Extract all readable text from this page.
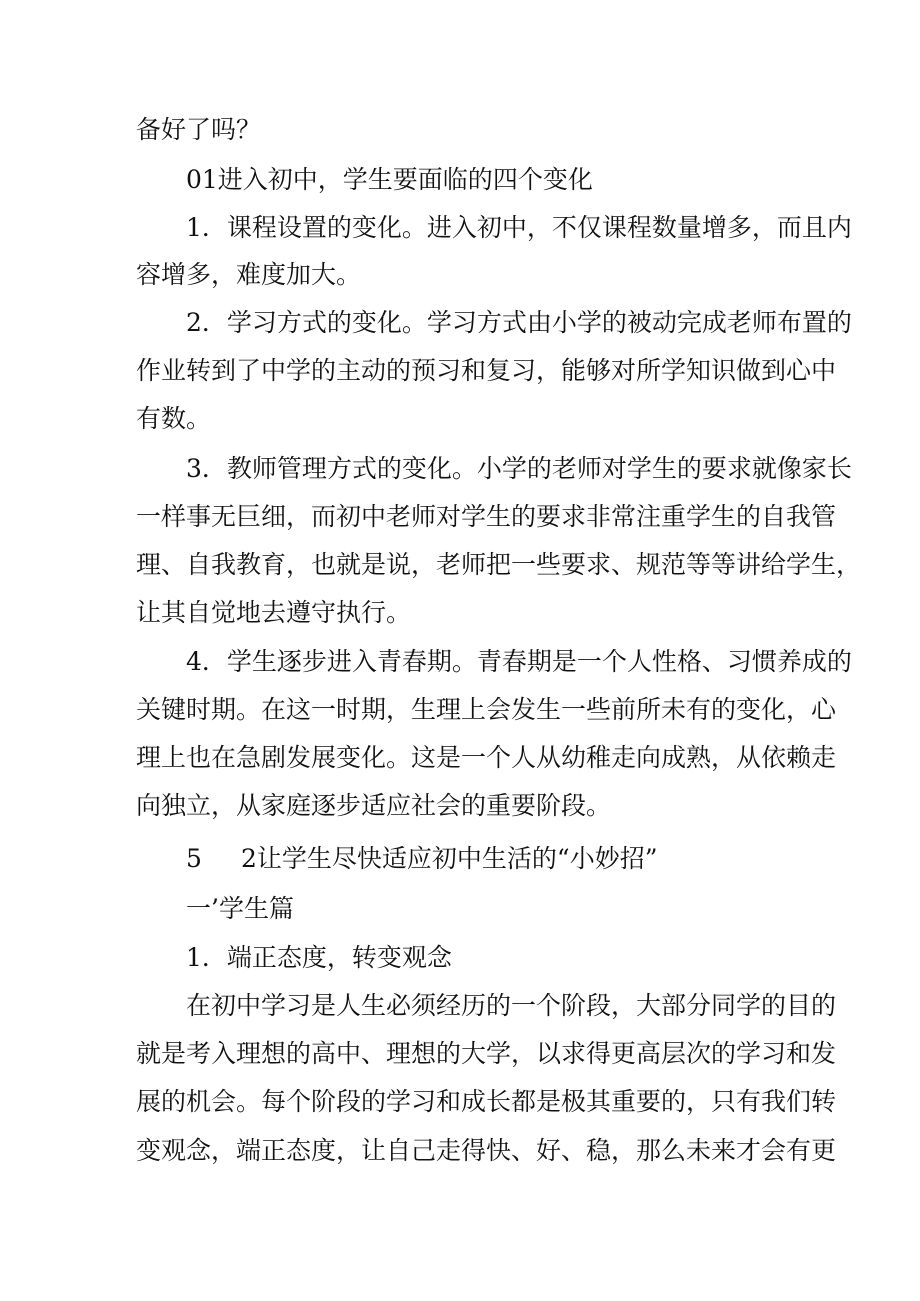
备好了吗？
01进入初中，学生要面临的四个变化
1．课程设置的变化。进入初中，不仅课程数量增多，而且内
容增多，难度加大。
2．学习方式的变化。学习方式由小学的被动完成老师布置的
作业转到了中学的主动的预习和复习，能够对所学知识做到心中
有数。
3．教师管理方式的变化。小学的老师对学生的要求就像家长
一样事无巨细，而初中老师对学生的要求非常注重学生的自我管
理、自我教育，也就是说，老师把一些要求、规范等等讲给学生，
让其自觉地去遵守执行。
4．学生逐步进入青春期。青春期是一个人性格、习惯养成的
关键时期。在这一时期，生理上会发生一些前所未有的变化，心
理上也在急剧发展变化。这是一个人从幼稚走向成熟，从依赖走
向独立，从家庭逐步适应社会的重要阶段。
5 2让学生尽快适应初中生活的“小妙招”
一’学生篇
1．端正态度，转变观念
在初中学习是人生必须经历的一个阶段，大部分同学的目的
就是考入理想的高中、理想的大学，以求得更高层次的学习和发
展的机会。每个阶段的学习和成长都是极其重要的，只有我们转
变观念，端正态度，让自己走得快、好、稳，那么未来才会有更
